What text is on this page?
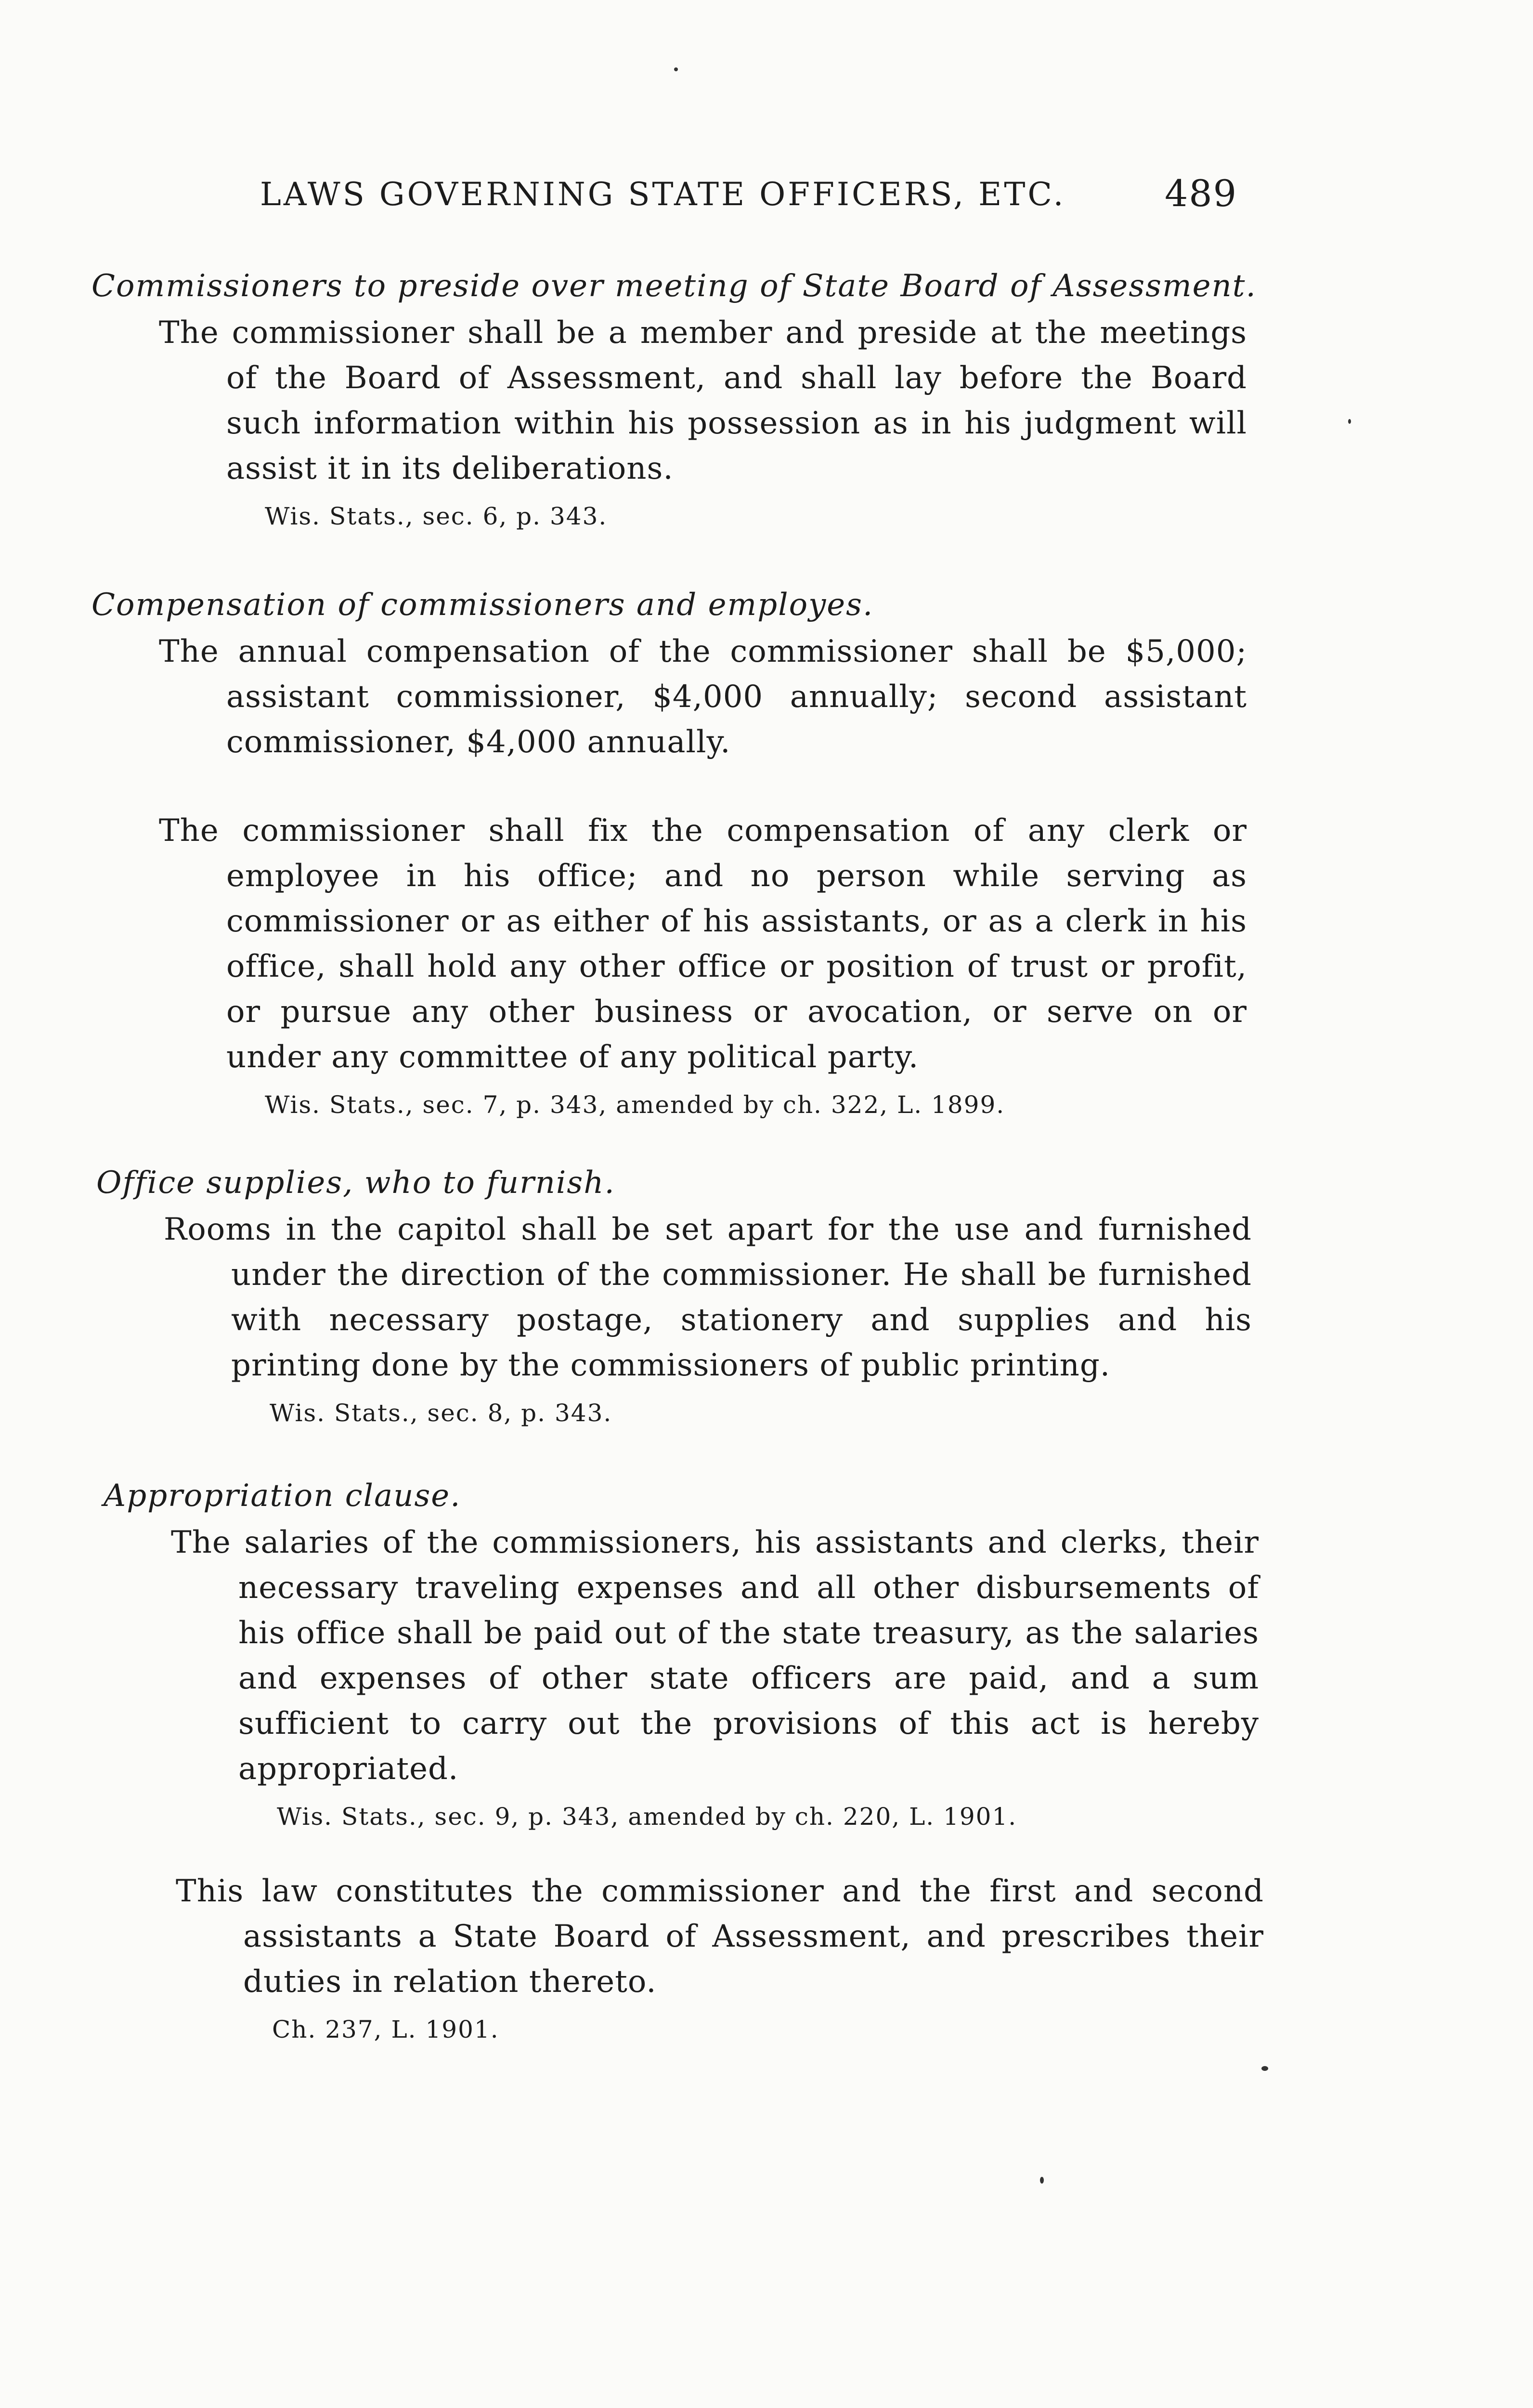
LAWS GOVERNING STATE OFFICERS, ETC.	489
Commissioners to preside over meeting of State Board of Assessment.
The commissioner shall be a member and preside at the meetings of the Board of Assessment, and shall lay before the Board such information within his possession as in his judgment will assist it in its deliberations.
Wis. Stats., sec. 6, p. 343.
Compensation of commissioners and employes.
The annual compensation of the commissioner shall be $5,000; assistant commissioner, $4,000 annually; second assistant commissioner, $4,000 annually.
The commissioner shall fix the compensation of any clerk or employee in his office; and no person while serving as commissioner or as either of his assistants, or as a clerk in his office, shall hold any other office or position of trust or profit, or pursue any other business or avocation, or serve on or under any committee of any political party.
Wis. Stats., sec. 7, p. 343, amended by ch. 322, L. 1899.
Office supplies, who to furnish.
Rooms in the capitol shall be set apart for the use and furnished under the direction of the commissioner. He shall be furnished with necessary postage, stationery and supplies and his printing done by the commissioners of public printing.
Wis. Stats., sec. 8, p. 343.
Appropriation clause.
The salaries of the commissioners, his assistants and clerks, their necessary traveling expenses and all other disbursements of his office shall be paid out of the state treasury, as the salaries and expenses of other state officers are paid, and a sum sufficient to carry out the provisions of this act is hereby appropriated.
Wis. Stats., sec. 9, p. 343, amended by ch. 220, L. 1901.
This law constitutes the commissioner and the first and second assistants a State Board of Assessment, and prescribes their duties in relation thereto.
Ch. 237, L. 1901.
